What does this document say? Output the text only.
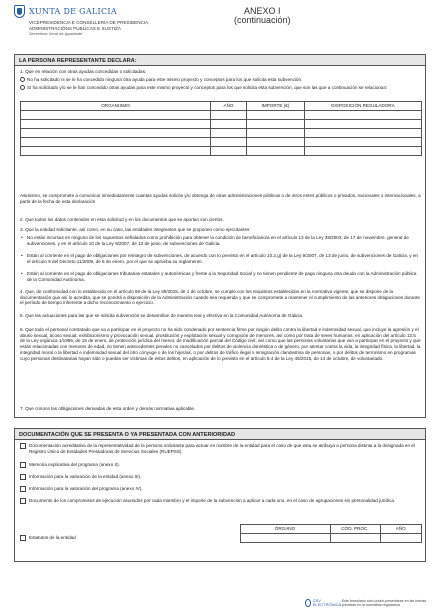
XUNTA DE GALICIA
VICEPRESIDENCIA E CONSELLERÍA DE PRESIDENCIA,
ADMINISTRACIÓNS PÚBLICAS E XUSTIZA
Secretaría Xeral da Igualdade
ANEXO I
(continuación)
LA PERSONA REPRESENTANTE DECLARA:
1. Que en relación con otras ayudas concedidas o solicitadas:
No ha solicitado ni se le ha concedido ninguna otra ayuda para este mismo proyecto y conceptos para los que solicita esta subvención.
Sí ha solicitado y/o se le han concedido otras ayudas para este mismo proyecto y conceptos para los que solicita esta subvención, que son las que a continuación se relacionan:
ORGANISMO	AÑO	IMPORTE (€)	DISPOSICIÓN REGULADORA

Asimismo, se compromete a comunicar inmediatamente cuantas ayudas solicite y/u obtenga de otras administraciones públicas o de otros entes públicos o privados, nacionales o internacionales, a partir de la fecha de esta declaración
2. Que todos los datos contenidos en esta solicitud y en los documentos que se aportan son ciertos.
3. Que la entidad solicitante, así como, en su caso, las entidades integrantes que se proponen como ejecutantes:
• No están incursas en ninguno de los supuestos señalados como prohibición para obtener la condición de beneficiario/a en el artículo 13 de la Ley 38/2003, de 17 de noviembre, general de subvenciones, y en el artículo 10 de la Ley 9/2007, de 13 de junio, de subvenciones de Galicia.
• Están al corriente en el pago de obligaciones por reintegro de subvenciones, de acuerdo con lo previsto en el artículo 10.2.g) de la Ley 9/2007, de 13 de junio, de subvenciones de Galicia, y en el artículo 9 del Decreto 11/2009, de 8 de enero, por el que se aprueba su reglamento.
• Están al corriente en el pago de obligaciones tributarias estatales y autonómicas y frente a la Seguridad Social y no tienen pendiente de pago ninguna otra deuda con la Administración pública de la Comunidad Autónoma.
4. Que, de conformidad con lo establecido en el artículo 69 de la Ley 39/2015, de 1 de octubre, se cumple con los requisitos establecidos en la normativa vigente, que se dispone de la documentación que así lo acredita, que se pondrá a disposición de la Administración cuando sea requerida y que se compromete a mantener el cumplimiento de las anteriores obligaciones durante el período de tiempo inherente a dicho reconocimiento o ejercicio.
5. Que las actuaciones para las que se solicita subvención se desarrollan de manera real y efectiva en la Comunidad Autónoma de Galicia.
6. Que todo el personal contratado que va a participar en el proyecto no ha sido condenado por sentencia firme por ningún delito contra la libertad e indemnidad sexual, que incluye la agresión y el abuso sexual, acoso sexual, exhibicionismo y provocación sexual, prostitución y explotación sexual y corrupción de menores, así como por trata de seres humanos, en aplicación del artículo 13.5 de la Ley orgánica 1/1996, de 15 de enero, de protección jurídica del menor, de modificación parcial del Código civil, así como que las personas voluntarias que van a participar en el proyecto y que están relacionadas con menores de edad, no tienen antecedentes penales no cancelados por delitos de violencia doméstica o de género, por atentar contra la vida, la integridad física, la libertad, la integridad moral o la libertad e indemnidad sexual del otro cónyuge o de los hijos/as, o por delitos de tráfico ilegal o inmigración clandestina de personas, o por delitos de terrorismo en programas cuyo personas destinatarias hayan sido o puedan ser víctimas de estos delitos, en aplicación de lo previsto en el artículo 8.4 de la Ley 45/2015, de 14 de octubre, de voluntariado.
7. Que conoce las obligaciones derivadas de esta orden y demás normativa aplicable.
DOCUMENTACIÓN QUE SE PRESENTA O YA PRESENTADA CON ANTERIORIDAD
Documentación acreditativa de la representatividad de la persona solicitante para actuar en nombre de la entidad para el caso de que esta se atribuya a persona distinta a la designada en el Registro Único de Entidades Prestadoras de Servicios Sociales (RUEPSS).
Memoria explicativa del programa (anexo II).
Información para la valoración de la entidad (anexo III).
Información para la valoración del programa (anexo IV).
Documento de los compromisos de ejecución asumidos por cada miembro y el importe de la subvención a aplicar a cada uno, en el caso de agrupaciones sin personalidad jurídica.
	ÓRGANO	CÓD. PROC.	AÑO

Estatutos de la entidad			
CSV ELECTRÓNICA
Este formulario solo podrá presentarse en las formas previstas en la normativa reguladora
